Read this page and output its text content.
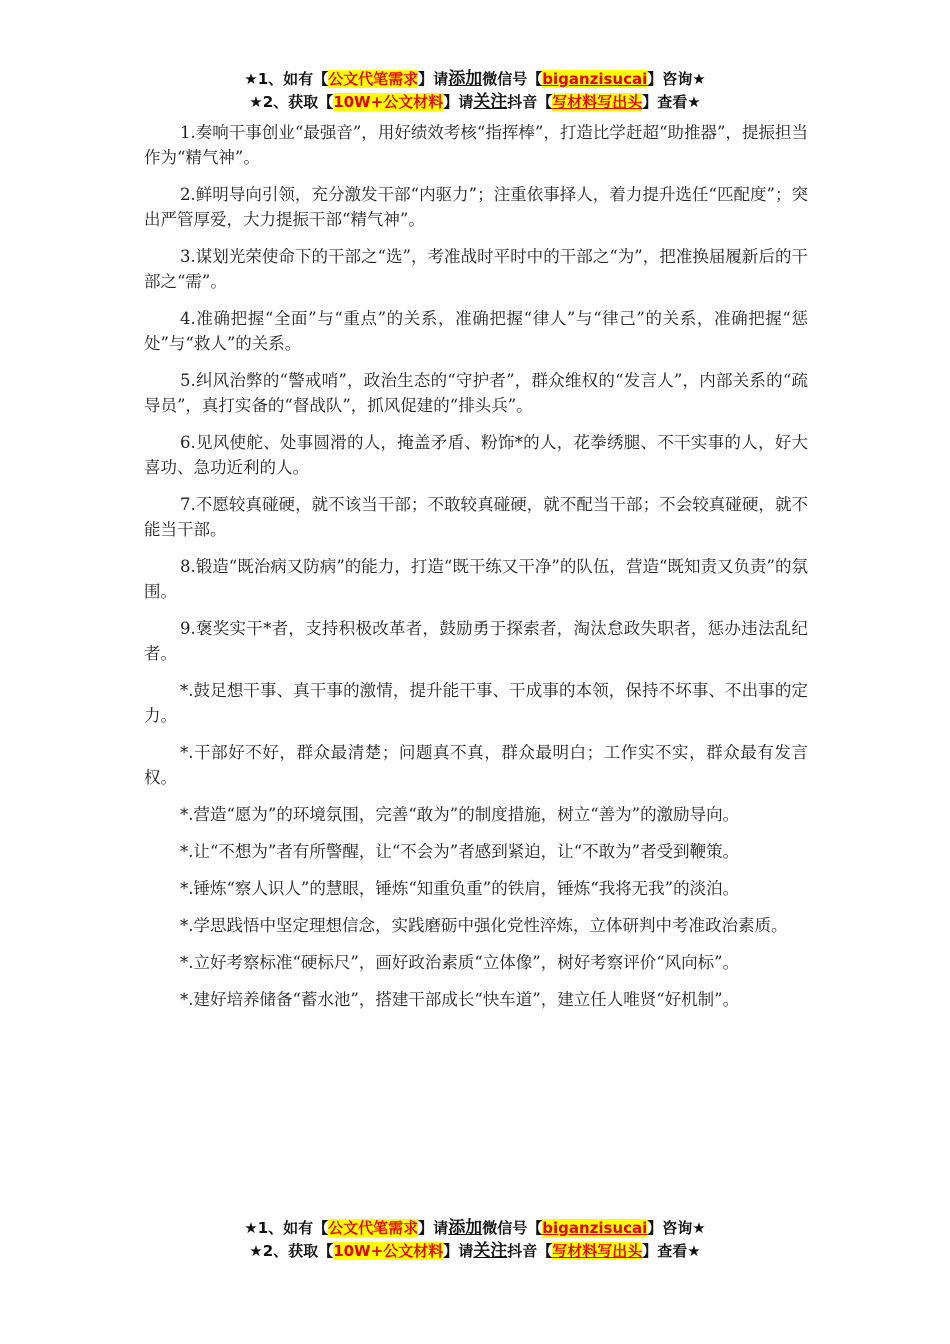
★1、如有【公文代笔需求】请添加微信号【biganzisucai】咨询★
★2、获取【10W+公文材料】请关注抖音【写材料写出头】查看★

1.奏响干事创业“最强音”，用好绩效考核“指挥棒”，打造比学赶超“助推器”，提振担当作为“精气神”。

2.鲜明导向引领，充分激发干部“内驱力”；注重依事择人，着力提升选任“匹配度”；突出严管厚爱，大力提振干部“精气神”。

3.谋划光荣使命下的干部之“选”，考准战时平时中的干部之“为”，把准换届履新后的干部之“需”。

4.准确把握“全面”与“重点”的关系，准确把握“律人”与“律己”的关系，准确把握“惩处”与“救人”的关系。

5.纠风治弊的“警戒哨”，政治生态的“守护者”，群众维权的“发言人”，内部关系的“疏导员”，真打实备的“督战队”，抓风促建的“排头兵”。

6.见风使舵、处事圆滑的人，掩盖矛盾、粉饰*的人，花拳绣腿、不干实事的人，好大喜功、急功近利的人。

7.不愿较真碰硬，就不该当干部；不敢较真碰硬，就不配当干部；不会较真碰硬，就不能当干部。

8.锻造“既治病又防病”的能力，打造“既干练又干净”的队伍，营造“既知责又负责”的氛围。

9.褒奖实干*者，支持积极改革者，鼓励勇于探索者，淘汰怠政失职者，惩办违法乱纪者。

*.鼓足想干事、真干事的激情，提升能干事、干成事的本领，保持不坏事、不出事的定力。

*.干部好不好，群众最清楚；问题真不真，群众最明白；工作实不实，群众最有发言权。

*.营造“愿为”的环境氛围，完善“敢为”的制度措施，树立“善为”的激励导向。

*.让“不想为”者有所警醒，让“不会为”者感到紧迫，让“不敢为”者受到鞭策。

*.锤炼“察人识人”的慧眼，锤炼“知重负重”的铁肩，锤炼“我将无我”的淡泊。

*.学思践悟中坚定理想信念，实践磨砺中强化党性淬炼，立体研判中考准政治素质。

*.立好考察标准“硬标尺”，画好政治素质“立体像”，树好考察评价“风向标”。

*.建好培养储备“蓄水池”，搭建干部成长“快车道”，建立任人唯贤“好机制”。

★1、如有【公文代笔需求】请添加微信号【biganzisucai】咨询★
★2、获取【10W+公文材料】请关注抖音【写材料写出头】查看★
